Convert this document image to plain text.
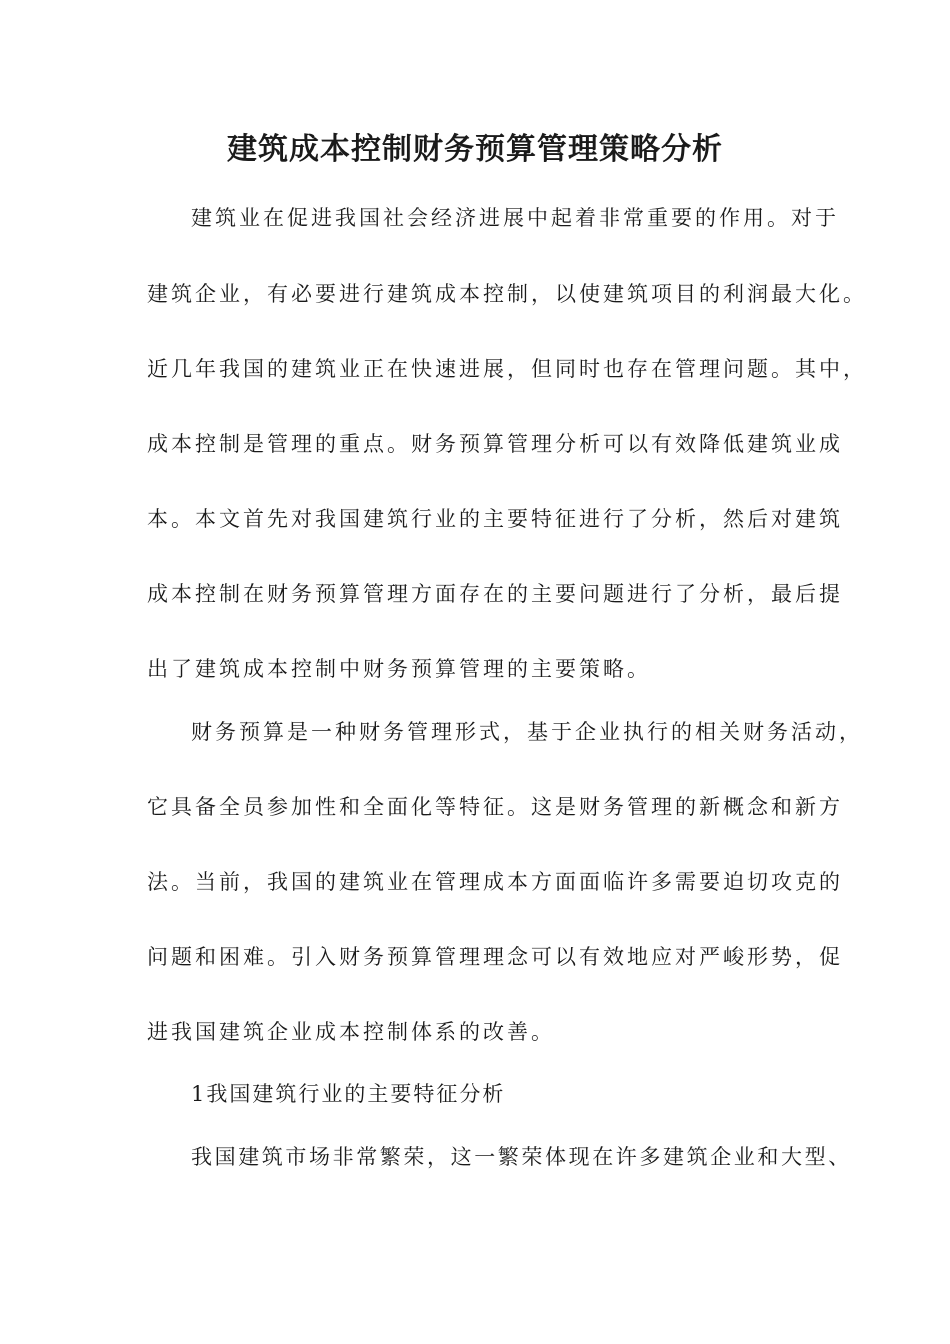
建筑成本控制财务预算管理策略分析
建筑业在促进我国社会经济进展中起着非常重要的作用。对于
建筑企业，有必要进行建筑成本控制，以使建筑项目的利润最大化。
近几年我国的建筑业正在快速进展，但同时也存在管理问题。其中，
成本控制是管理的重点。财务预算管理分析可以有效降低建筑业成
本。本文首先对我国建筑行业的主要特征进行了分析，然后对建筑
成本控制在财务预算管理方面存在的主要问题进行了分析，最后提
出了建筑成本控制中财务预算管理的主要策略。
财务预算是一种财务管理形式，基于企业执行的相关财务活动，
它具备全员参加性和全面化等特征。这是财务管理的新概念和新方
法。当前，我国的建筑业在管理成本方面面临许多需要迫切攻克的
问题和困难。引入财务预算管理理念可以有效地应对严峻形势，促
进我国建筑企业成本控制体系的改善。
1我国建筑行业的主要特征分析
我国建筑市场非常繁荣，这一繁荣体现在许多建筑企业和大型、
